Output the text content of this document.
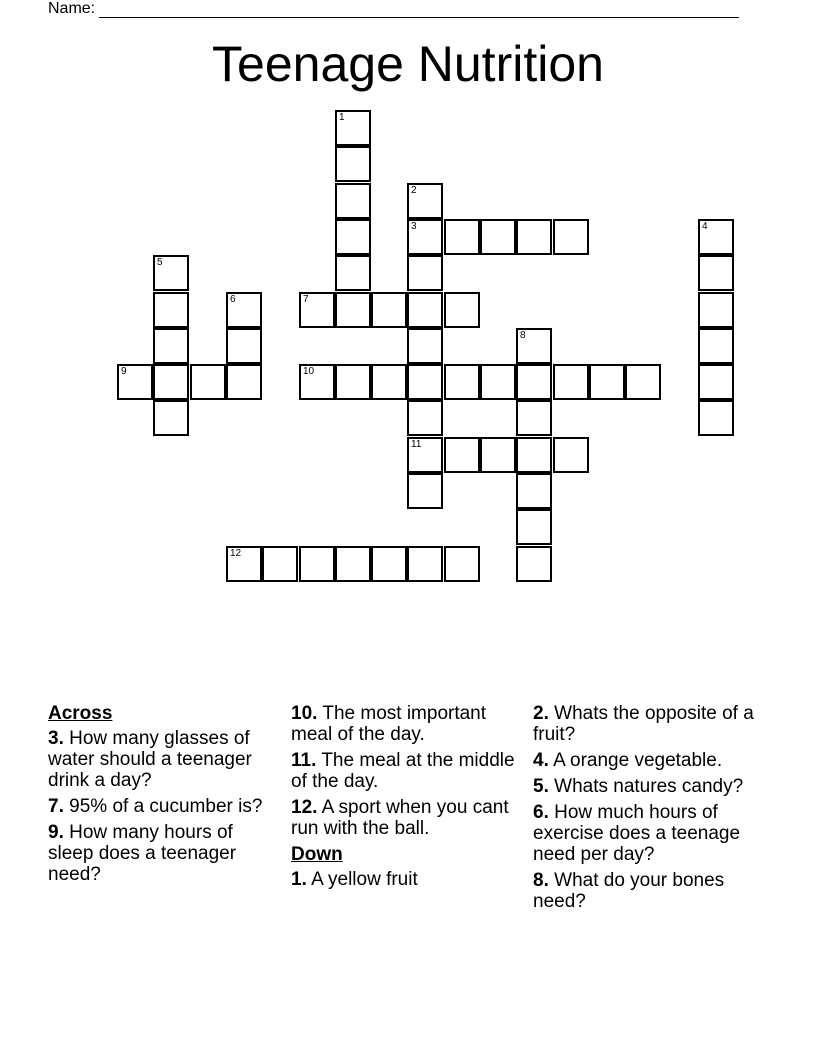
Name:
Teenage Nutrition
1
2
3	4
5
6	7
8
9	10
11
12
Across
3. How many glasses of water should a teenager drink a day?
7. 95% of a cucumber is?
9. How many hours of sleep does a teenager need?
10. The most important meal of the day.
11. The meal at the middle of the day.
12. A sport when you cant run with the ball.
Down
1. A yellow fruit
2. Whats the opposite of a fruit?
4. A orange vegetable.
5. Whats natures candy?
6. How much hours of exercise does a teenage need per day?
8. What do your bones need?
